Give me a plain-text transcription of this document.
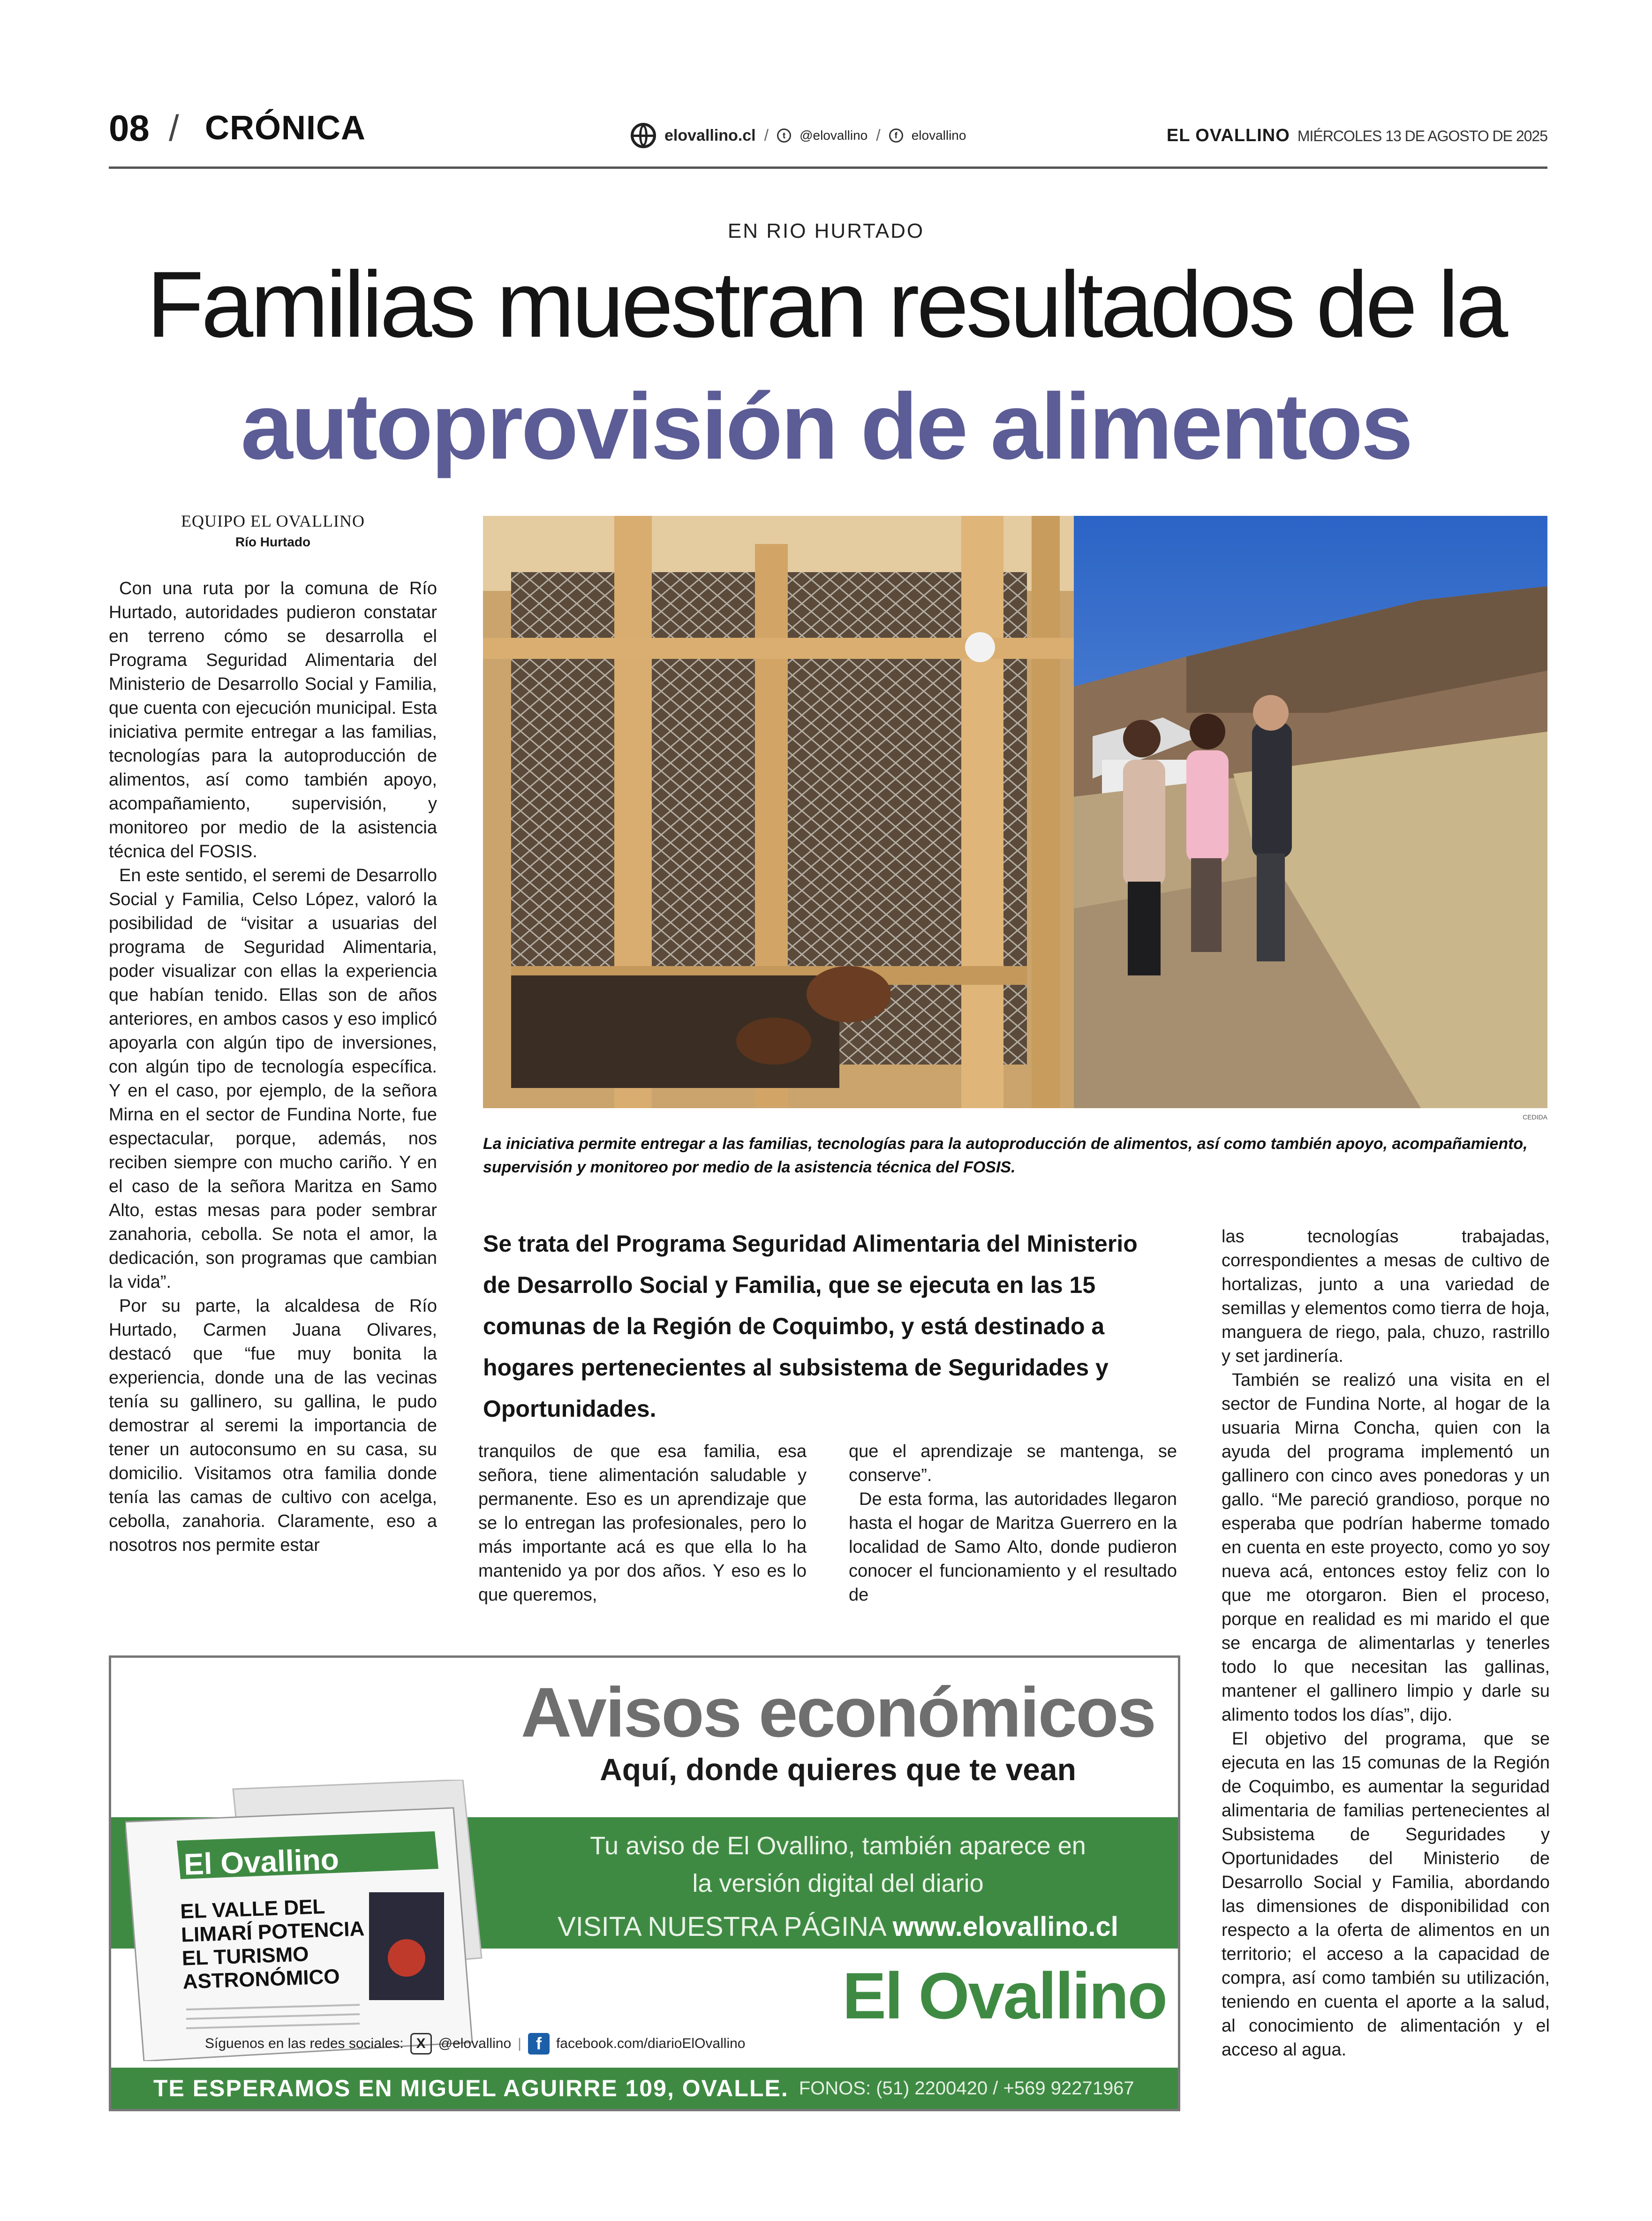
08 / CRÓNICA	elovallino.cl /	t	@elovallino /	f	elovallino	EL OVALLINO MIÉRCOLES 13 DE AGOSTO DE 2025
EN RIO HURTADO
Familias muestran resultados de la
autoprovisión de alimentos
EQUIPO EL OVALLINO
Río Hurtado

Con una ruta por la comuna de Río Hurtado, autoridades pudieron constatar en terreno cómo se desarrolla el Programa Seguridad Alimentaria del Ministerio de Desarrollo Social y Familia, que cuenta con ejecución municipal. Esta iniciativa permite entregar a las familias, tecnologías para la autoproducción de alimentos, así como también apoyo, acompañamiento, supervisión, y monitoreo por medio de la asistencia técnica del FOSIS.

En este sentido, el seremi de Desarrollo Social y Familia, Celso López, valoró la posibilidad de “visitar a usuarias del programa de Seguridad Alimentaria, poder visualizar con ellas la experiencia que habían tenido. Ellas son de años anteriores, en ambos casos y eso implicó apoyarla con algún tipo de inversiones, con algún tipo de tecnología específica. Y en el caso, por ejemplo, de la señora Mirna en el sector de Fundina Norte, fue espectacular, porque, además, nos reciben siempre con mucho cariño. Y en el caso de la señora Maritza en Samo Alto, estas mesas para poder sembrar zanahoria, cebolla. Se nota el amor, la dedicación, son programas que cambian la vida”.

Por su parte, la alcaldesa de Río Hurtado, Carmen Juana Olivares, destacó que “fue muy bonita la experiencia, donde una de las vecinas tenía su gallinero, su gallina, le pudo demostrar al seremi la importancia de tener un autoconsumo en su casa, su domicilio. Visitamos otra familia donde tenía las camas de cultivo con acelga, cebolla, zanahoria. Claramente, eso a nosotros nos permite estar

CEDIDA
La iniciativa permite entregar a las familias, tecnologías para la autoproducción de alimentos, así como también apoyo, acompañamiento, supervisión y monitoreo por medio de la asistencia técnica del FOSIS.
Se trata del Programa Seguridad Alimentaria del Ministerio de Desarrollo Social y Familia, que se ejecuta en las 15 comunas de la Región de Coquimbo, y está destinado a hogares pertenecientes al subsistema de Seguridades y Oportunidades.

tranquilos de que esa familia, esa señora, tiene alimentación saludable y permanente. Eso es un aprendizaje que se lo entregan las profesionales, pero lo más importante acá es que ella lo ha mantenido ya por dos años. Y eso es lo que queremos,

que el aprendizaje se mantenga, se conserve”.

De esta forma, las autoridades llegaron hasta el hogar de Maritza Guerrero en la localidad de Samo Alto, donde pudieron conocer el funcionamiento y el resultado de

las tecnologías trabajadas, correspondientes a mesas de cultivo de hortalizas, junto a una variedad de semillas y elementos como tierra de hoja, manguera de riego, pala, chuzo, rastrillo y set jardinería.

También se realizó una visita en el sector de Fundina Norte, al hogar de la usuaria Mirna Concha, quien con la ayuda del programa implementó un gallinero con cinco aves ponedoras y un gallo. “Me pareció grandioso, porque no esperaba que podrían haberme tomado en cuenta en este proyecto, como yo soy nueva acá, entonces estoy feliz con lo que me otorgaron. Bien el proceso, porque en realidad es mi marido el que se encarga de alimentarlas y tenerles todo lo que necesitan las gallinas, mantener el gallinero limpio y darle su alimento todos los días”, dijo.

El objetivo del programa, que se ejecuta en las 15 comunas de la Región de Coquimbo, es aumentar la seguridad alimentaria de familias pertenecientes al Subsistema de Seguridades y Oportunidades del Ministerio de Desarrollo Social y Familia, abordando las dimensiones de disponibilidad con respecto a la oferta de alimentos en un territorio; el acceso a la capacidad de compra, así como también su utilización, teniendo en cuenta el aporte a la salud, al conocimiento de alimentación y el acceso al agua.

Avisos económicos
Aquí, donde quieres que te vean
Tu aviso de El Ovallino, también aparece en
la versión digital del diario
VISITA NUESTRA PÁGINA www.elovallino.cl
El Ovallino
EL VALLE DEL LIMARÍ POTENCIA EL TURISMO ASTRONÓMICO	El Ovallino
Síguenos en las redes sociales: X @elovallino | f	facebook.com/diarioElOvallino
TE ESPERAMOS EN MIGUEL AGUIRRE 109, OVALLE. FONOS: (51) 2200420 / +569 92271967
